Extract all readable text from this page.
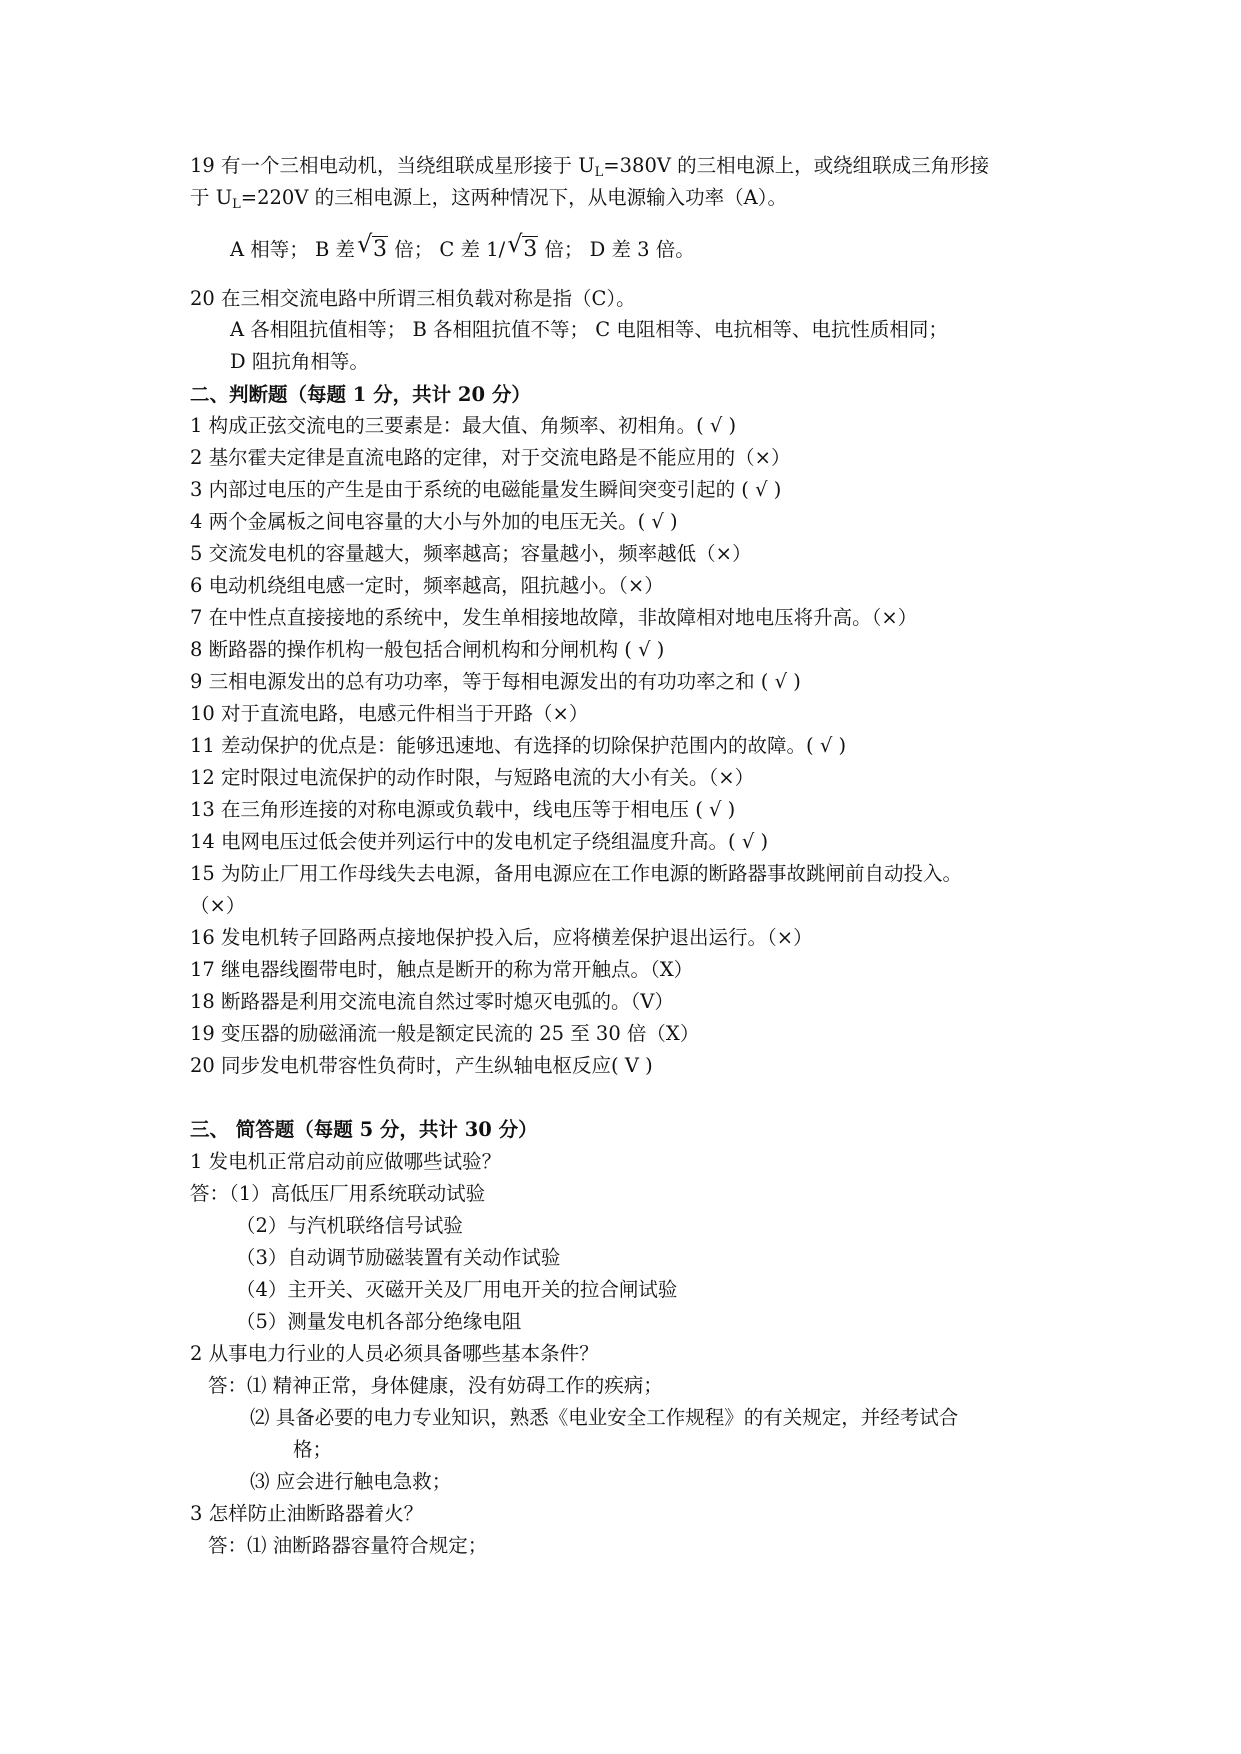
19 有一个三相电动机，当绕组联成星形接于 $U_L=380V$ 的三相电源上，或绕组联成三角形接
于 $U_L=220V$ 的三相电源上，这两种情况下，从电源输入功率（A）。
A 相等； B 差 √ 3 倍； C 差 1/ √ 3 倍； D 差 3 倍。
20 在三相交流电路中所谓三相负载对称是指（C）。
A 各相阻抗值相等； B 各相阻抗值不等； C 电阻相等、电抗相等、电抗性质相同；
D 阻抗角相等。
二、判断题（每题 1 分，共计 20 分）
1 构成正弦交流电的三要素是：最大值、角频率、初相角。( √ )
2 基尔霍夫定律是直流电路的定律，对于交流电路是不能应用的（×）
3 内部过电压的产生是由于系统的电磁能量发生瞬间突变引起的 ( √ )
4 两个金属板之间电容量的大小与外加的电压无关。( √ )
5 交流发电机的容量越大，频率越高；容量越小，频率越低（×）
6 电动机绕组电感一定时，频率越高，阻抗越小。（×）
7 在中性点直接接地的系统中，发生单相接地故障，非故障相对地电压将升高。（×）
8 断路器的操作机构一般包括合闸机构和分闸机构 ( √ )
9 三相电源发出的总有功功率，等于每相电源发出的有功功率之和 ( √ )
10 对于直流电路，电感元件相当于开路（×）
11 差动保护的优点是：能够迅速地、有选择的切除保护范围内的故障。( √ )
12 定时限过电流保护的动作时限，与短路电流的大小有关。（×）
13 在三角形连接的对称电源或负载中，线电压等于相电压 ( √ )
14 电网电压过低会使并列运行中的发电机定子绕组温度升高。( √ )
15 为防止厂用工作母线失去电源，备用电源应在工作电源的断路器事故跳闸前自动投入。
（×）
16 发电机转子回路两点接地保护投入后，应将横差保护退出运行。（×）
17 继电器线圈带电时，触点是断开的称为常开触点。（X）
18 断路器是利用交流电流自然过零时熄灭电弧的。（V）
19 变压器的励磁涌流一般是额定民流的 25 至 30 倍（X）
20 同步发电机带容性负荷时，产生纵轴电枢反应( V )
三、 简答题（每题 5 分，共计 30 分）
1 发电机正常启动前应做哪些试验？
答：（1）高低压厂用系统联动试验
（2）与汽机联络信号试验
（3）自动调节励磁装置有关动作试验
（4）主开关、灭磁开关及厂用电开关的拉合闸试验
（5）测量发电机各部分绝缘电阻
2 从事电力行业的人员必须具备哪些基本条件？
答：⑴ 精神正常，身体健康，没有妨碍工作的疾病；
⑵ 具备必要的电力专业知识，熟悉《电业安全工作规程》的有关规定，并经考试合
格；
⑶ 应会进行触电急救；
3 怎样防止油断路器着火？
答：⑴ 油断路器容量符合规定；
